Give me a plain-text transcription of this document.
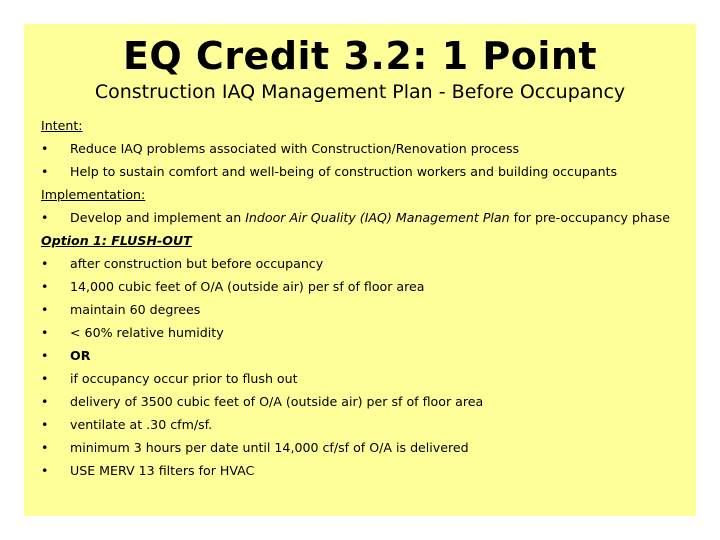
EQ Credit 3.2: 1 Point
Construction IAQ Management Plan - Before Occupancy
Intent:
• Reduce IAQ problems associated with Construction/Renovation process
• Help to sustain comfort and well-being of construction workers and building occupants
Implementation:
• Develop and implement an Indoor Air Quality (IAQ) Management Plan for pre-occupancy phase
Option 1: FLUSH-OUT
• after construction but before occupancy
• 14,000 cubic feet of O/A (outside air) per sf of floor area
• maintain 60 degrees
• < 60% relative humidity
• OR
• if occupancy occur prior to flush out
• delivery of 3500 cubic feet of O/A (outside air) per sf of floor area
• ventilate at .30 cfm/sf.
• minimum 3 hours per date until 14,000 cf/sf of O/A is delivered
• USE MERV 13 filters for HVAC
